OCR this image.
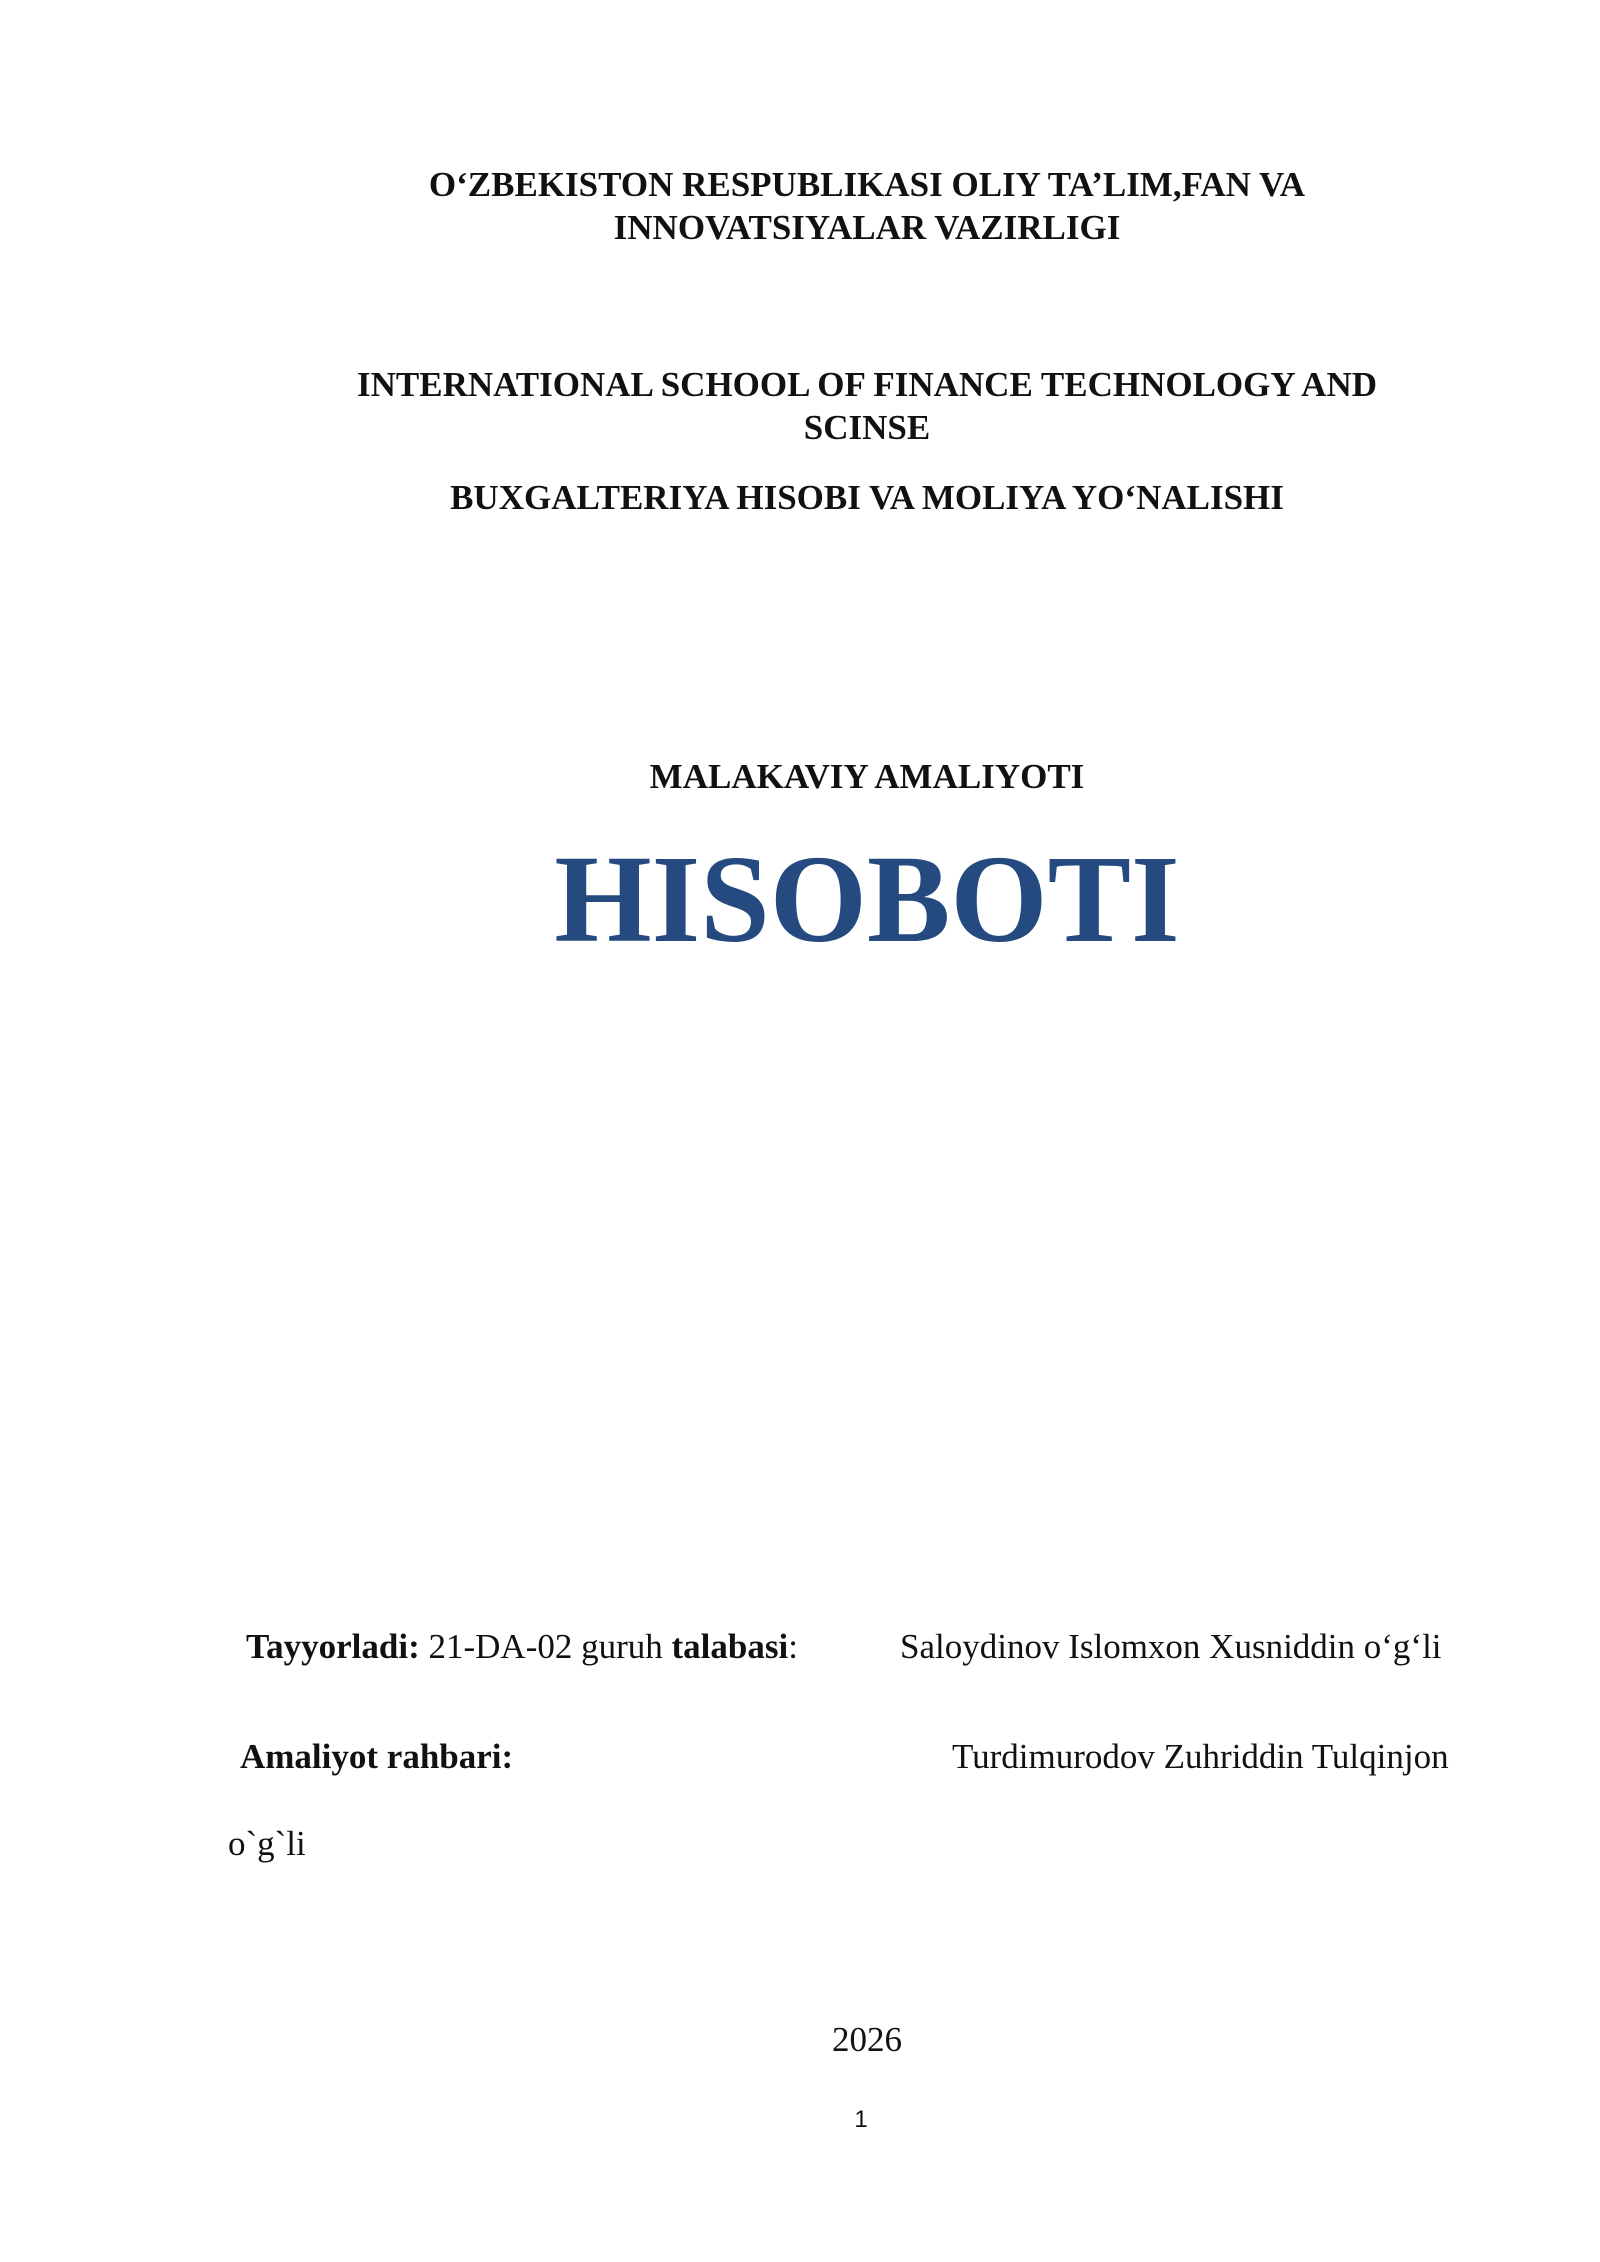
O‘ZBEKISTON RESPUBLIKASI OLIY TA’LIM,FAN VA
INNOVATSIYALAR VAZIRLIGI
INTERNATIONAL SCHOOL OF FINANCE TECHNOLOGY AND
SCINSE
BUXGALTERIYA HISOBI VA MOLIYA YO‘NALISHI
MALAKAVIY AMALIYOTI
HISOBOTI
Tayyorladi: 21-DA-02 guruh talabasi:	Saloydinov Islomxon Xusniddin o‘g‘li
Amaliyot rahbari:	Turdimurodov Zuhriddin Tulqinjon
o`g`li
2026
1
